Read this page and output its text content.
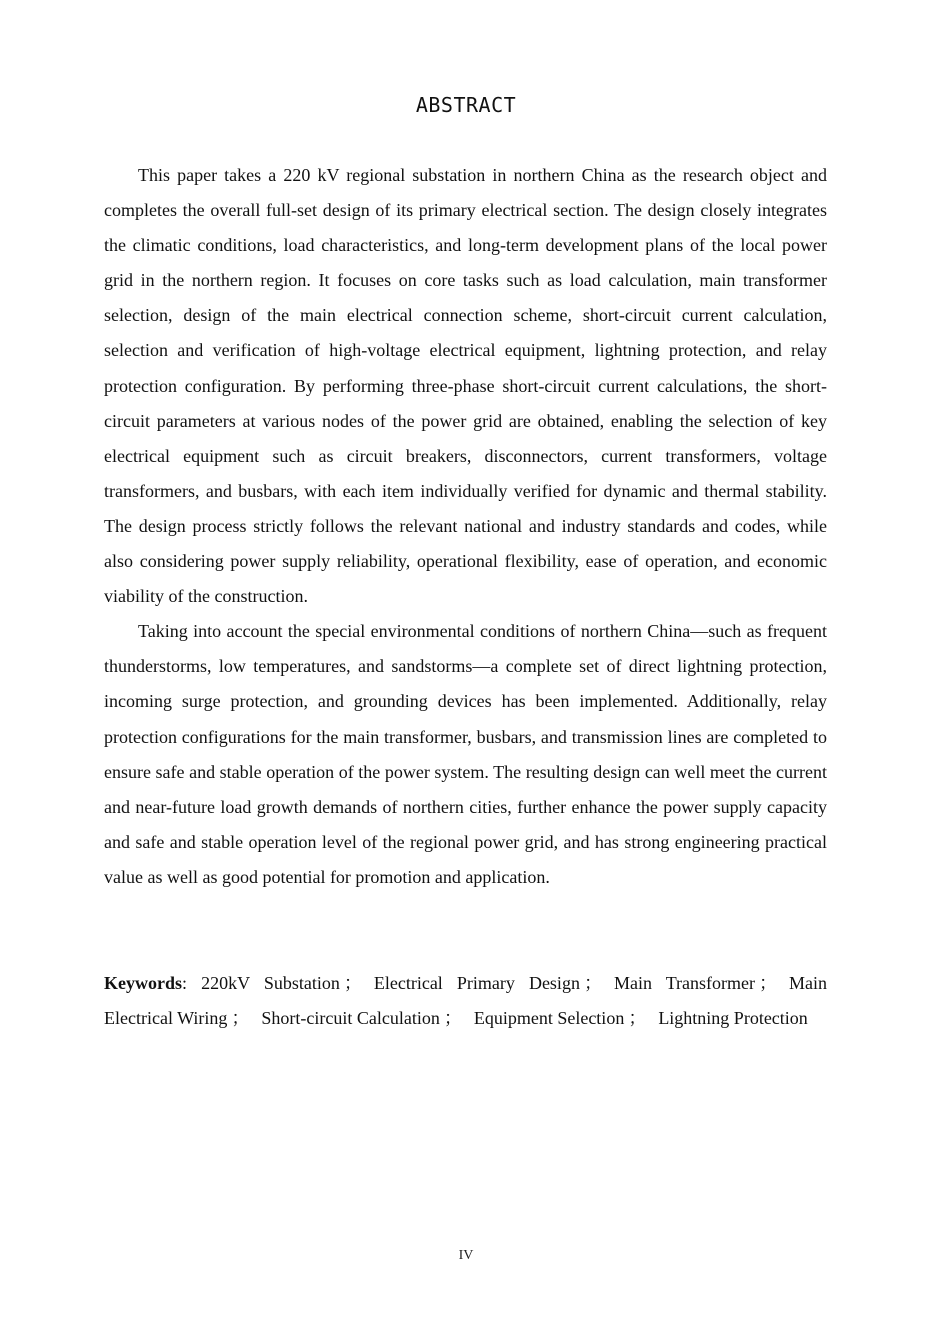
ABSTRACT

This paper takes a 220 kV regional substation in northern China as the research object and completes the overall full-set design of its primary electrical section. The design closely integrates the climatic conditions, load characteristics, and long-term development plans of the local power grid in the northern region. It focuses on core tasks such as load calculation, main transformer selection, design of the main electrical connection scheme, short-circuit current calculation, selection and verification of high-voltage electrical equipment, lightning protection, and relay protection configuration. By performing three-phase short-circuit current calculations, the short-circuit parameters at various nodes of the power grid are obtained, enabling the selection of key electrical equipment such as circuit breakers, disconnectors, current transformers, voltage transformers, and busbars, with each item individually verified for dynamic and thermal stability. The design process strictly follows the relevant national and industry standards and codes, while also considering power supply reliability, operational flexibility, ease of operation, and economic viability of the construction.

Taking into account the special environmental conditions of northern China—such as frequent thunderstorms, low temperatures, and sandstorms—a complete set of direct lightning protection, incoming surge protection, and grounding devices has been implemented. Additionally, relay protection configurations for the main transformer, busbars, and transmission lines are completed to ensure safe and stable operation of the power system. The resulting design can well meet the current and near-future load growth demands of northern cities, further enhance the power supply capacity and safe and stable operation level of the regional power grid, and has strong engineering practical value as well as good potential for promotion and application.

Keywords: 220kV Substation ； Electrical Primary Design ； Main Transformer ； Main Electrical Wiring ； Short-circuit Calculation ； Equipment Selection ； Lightning Protection
IV
